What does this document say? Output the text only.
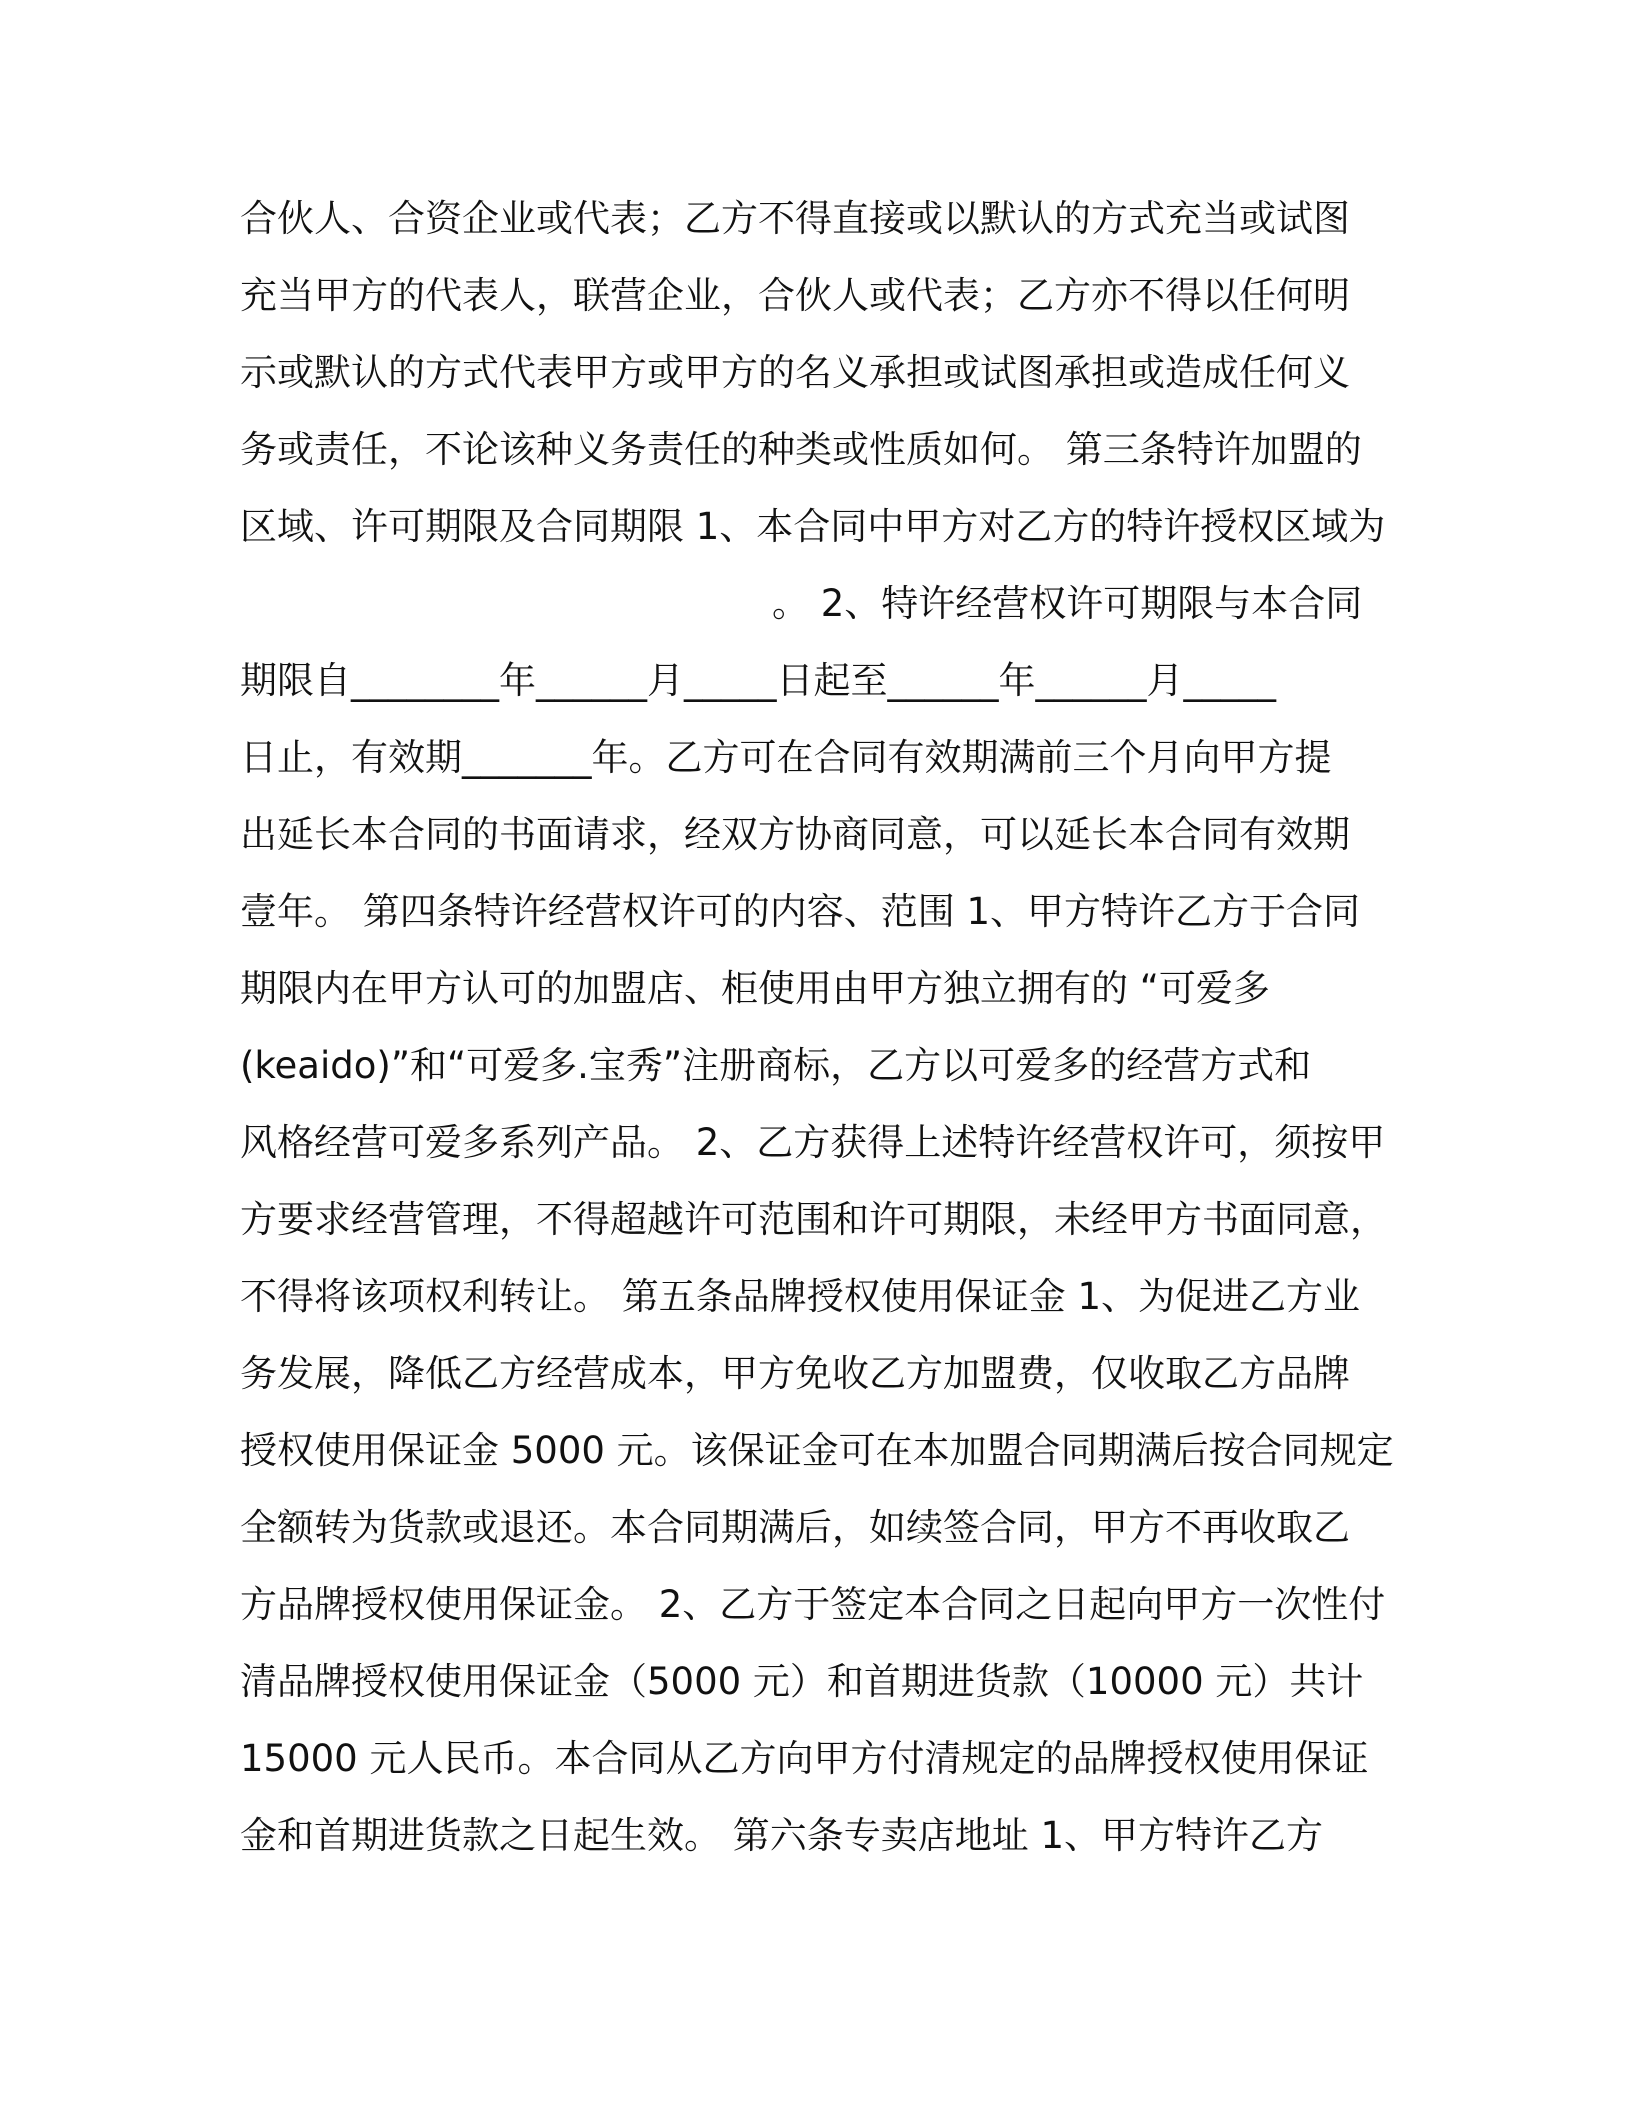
合伙人、合资企业或代表；乙方不得直接或以默认的方式充当或试图
充当甲方的代表人，联营企业，合伙人或代表；乙方亦不得以任何明
示或默认的方式代表甲方或甲方的名义承担或试图承担或造成任何义
务或责任，不论该种义务责任的种类或性质如何。 第三条特许加盟的
区域、许可期限及合同期限 1、本合同中甲方对乙方的特许授权区域为
。 2、特许经营权许可期限与本合同
期限自________年______月_____日起至______年______月_____
日止，有效期_______年。乙方可在合同有效期满前三个月向甲方提
出延长本合同的书面请求，经双方协商同意，可以延长本合同有效期
壹年。 第四条特许经营权许可的内容、范围 1、甲方特许乙方于合同
期限内在甲方认可的加盟店、柜使用由甲方独立拥有的 “可爱多
(keaido)”和“可爱多.宝秀”注册商标，乙方以可爱多的经营方式和
风格经营可爱多系列产品。 2、乙方获得上述特许经营权许可，须按甲
方要求经营管理，不得超越许可范围和许可期限，未经甲方书面同意，
不得将该项权利转让。 第五条品牌授权使用保证金 1、为促进乙方业
务发展，降低乙方经营成本，甲方免收乙方加盟费，仅收取乙方品牌
授权使用保证金 5000 元。该保证金可在本加盟合同期满后按合同规定
全额转为货款或退还。本合同期满后，如续签合同，甲方不再收取乙
方品牌授权使用保证金。 2、乙方于签定本合同之日起向甲方一次性付
清品牌授权使用保证金（5000 元）和首期进货款（10000 元）共计
15000 元人民币。本合同从乙方向甲方付清规定的品牌授权使用保证
金和首期进货款之日起生效。 第六条专卖店地址 1、甲方特许乙方
